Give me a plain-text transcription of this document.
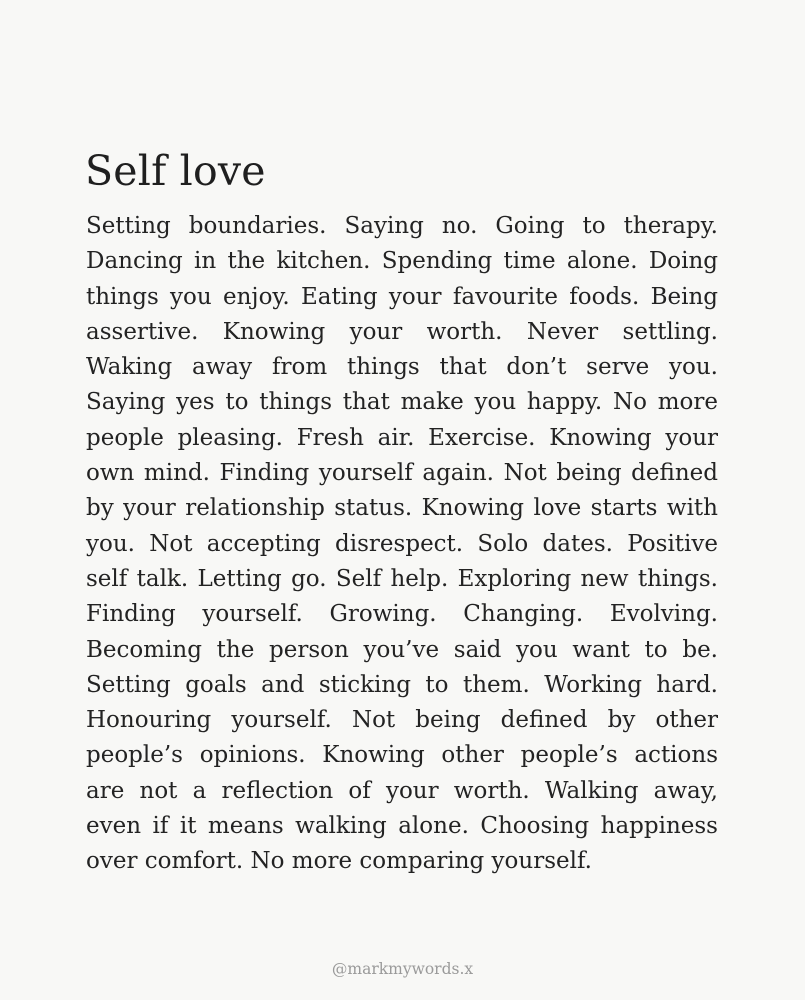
Self love
Setting boundaries. Saying no. Going to therapy.
Dancing in the kitchen. Spending time alone. Doing
things you enjoy. Eating your favourite foods. Being
assertive. Knowing your worth. Never settling.
Waking away from things that don’t serve you.
Saying yes to things that make you happy. No more
people pleasing. Fresh air. Exercise. Knowing your
own mind. Finding yourself again. Not being defined
by your relationship status. Knowing love starts with
you. Not accepting disrespect. Solo dates. Positive
self talk. Letting go. Self help. Exploring new things.
Finding yourself. Growing. Changing. Evolving.
Becoming the person you’ve said you want to be.
Setting goals and sticking to them. Working hard.
Honouring yourself. Not being defined by other
people’s opinions. Knowing other people’s actions
are not a reflection of your worth. Walking away,
even if it means walking alone. Choosing happiness
over comfort. No more comparing yourself.

@markmywords.x
